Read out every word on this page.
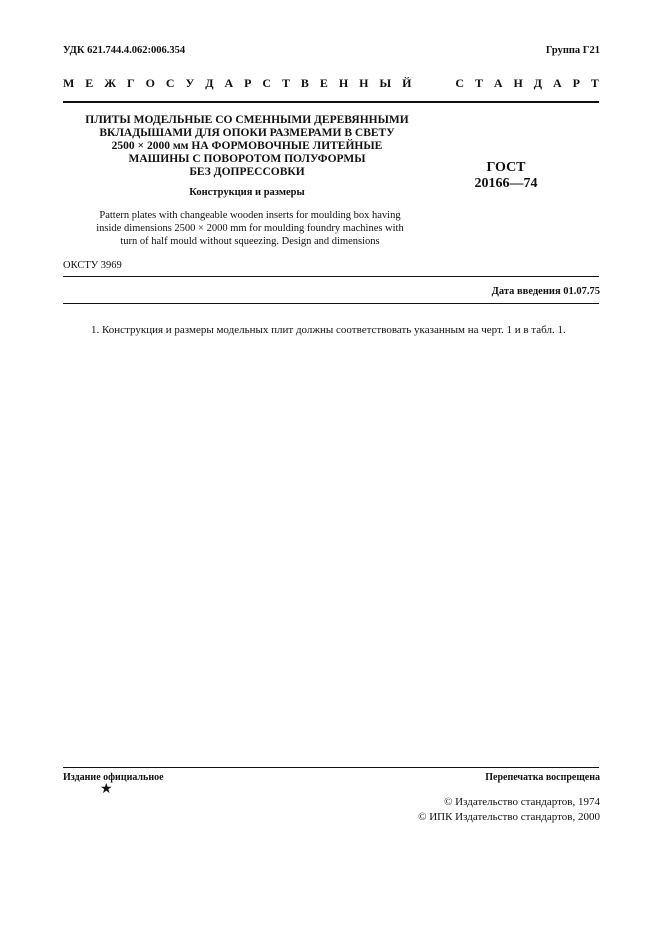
УДК 621.744.4.062:006.354	Группа Г21
М Е Ж Г О С У Д А Р С Т В Е Н Н Ы Й	С Т А Н Д А Р Т
ПЛИТЫ МОДЕЛЬНЫЕ СО СМЕННЫМИ ДЕРЕВЯННЫМИ
ВКЛАДЫШАМИ ДЛЯ ОПОКИ РАЗМЕРАМИ В СВЕТУ
2500 × 2000 мм НА ФОРМОВОЧНЫЕ ЛИТЕЙНЫЕ
МАШИНЫ С ПОВОРОТОМ ПОЛУФОРМЫ
БЕЗ ДОПРЕССОВКИ	ГОСТ
20166—74
Конструкция и размеры
Pattern plates with changeable wooden inserts for moulding box having
inside dimensions 2500 × 2000 mm for moulding foundry machines with
turn of half mould without squeezing. Design and dimensions
ОКСТУ 3969
Дата введения 01.07.75
1. Конструкция и размеры модельных плит должны соответствовать указанным на черт. 1 и в табл. 1.
Издание официальное
★
Перепечатка воспрещена
© Издательство стандартов, 1974
© ИПК Издательство стандартов, 2000
